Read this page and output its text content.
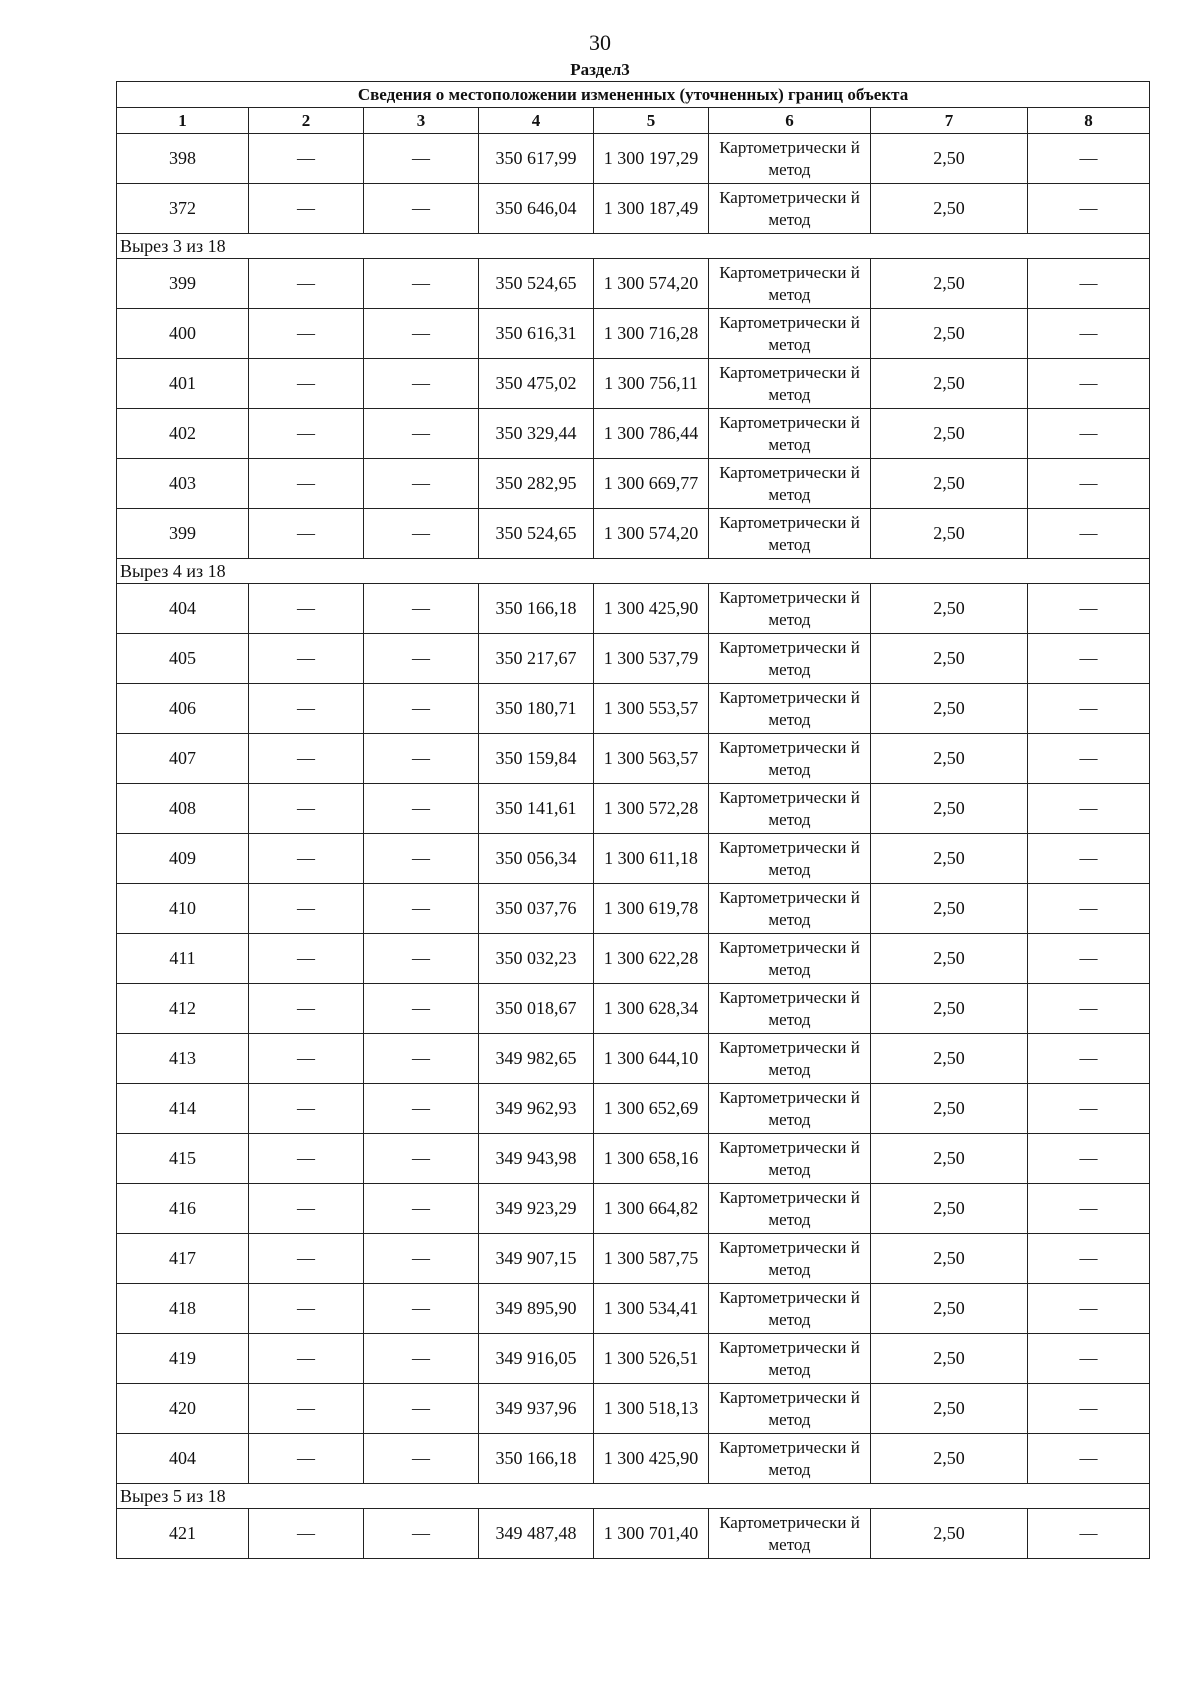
30
Раздел3
Сведения о местоположении измененных (уточненных) границ объекта							
1	2	3	4	5	6	7	8
398	—	—	350 617,99	1 300 197,29	Картометрически й метод	2,50	—
372	—	—	350 646,04	1 300 187,49	Картометрически й метод	2,50	—
Вырез 3 из 18							
399	—	—	350 524,65	1 300 574,20	Картометрически й метод	2,50	—
400	—	—	350 616,31	1 300 716,28	Картометрически й метод	2,50	—
401	—	—	350 475,02	1 300 756,11	Картометрически й метод	2,50	—
402	—	—	350 329,44	1 300 786,44	Картометрически й метод	2,50	—
403	—	—	350 282,95	1 300 669,77	Картометрически й метод	2,50	—
399	—	—	350 524,65	1 300 574,20	Картометрически й метод	2,50	—
Вырез 4 из 18							
404	—	—	350 166,18	1 300 425,90	Картометрически й метод	2,50	—
405	—	—	350 217,67	1 300 537,79	Картометрически й метод	2,50	—
406	—	—	350 180,71	1 300 553,57	Картометрически й метод	2,50	—
407	—	—	350 159,84	1 300 563,57	Картометрически й метод	2,50	—
408	—	—	350 141,61	1 300 572,28	Картометрически й метод	2,50	—
409	—	—	350 056,34	1 300 611,18	Картометрически й метод	2,50	—
410	—	—	350 037,76	1 300 619,78	Картометрически й метод	2,50	—
411	—	—	350 032,23	1 300 622,28	Картометрически й метод	2,50	—
412	—	—	350 018,67	1 300 628,34	Картометрически й метод	2,50	—
413	—	—	349 982,65	1 300 644,10	Картометрически й метод	2,50	—
414	—	—	349 962,93	1 300 652,69	Картометрически й метод	2,50	—
415	—	—	349 943,98	1 300 658,16	Картометрически й метод	2,50	—
416	—	—	349 923,29	1 300 664,82	Картометрически й метод	2,50	—
417	—	—	349 907,15	1 300 587,75	Картометрически й метод	2,50	—
418	—	—	349 895,90	1 300 534,41	Картометрически й метод	2,50	—
419	—	—	349 916,05	1 300 526,51	Картометрически й метод	2,50	—
420	—	—	349 937,96	1 300 518,13	Картометрически й метод	2,50	—
404	—	—	350 166,18	1 300 425,90	Картометрически й метод	2,50	—
Вырез 5 из 18							
421	—	—	349 487,48	1 300 701,40	Картометрически й метод	2,50	—
